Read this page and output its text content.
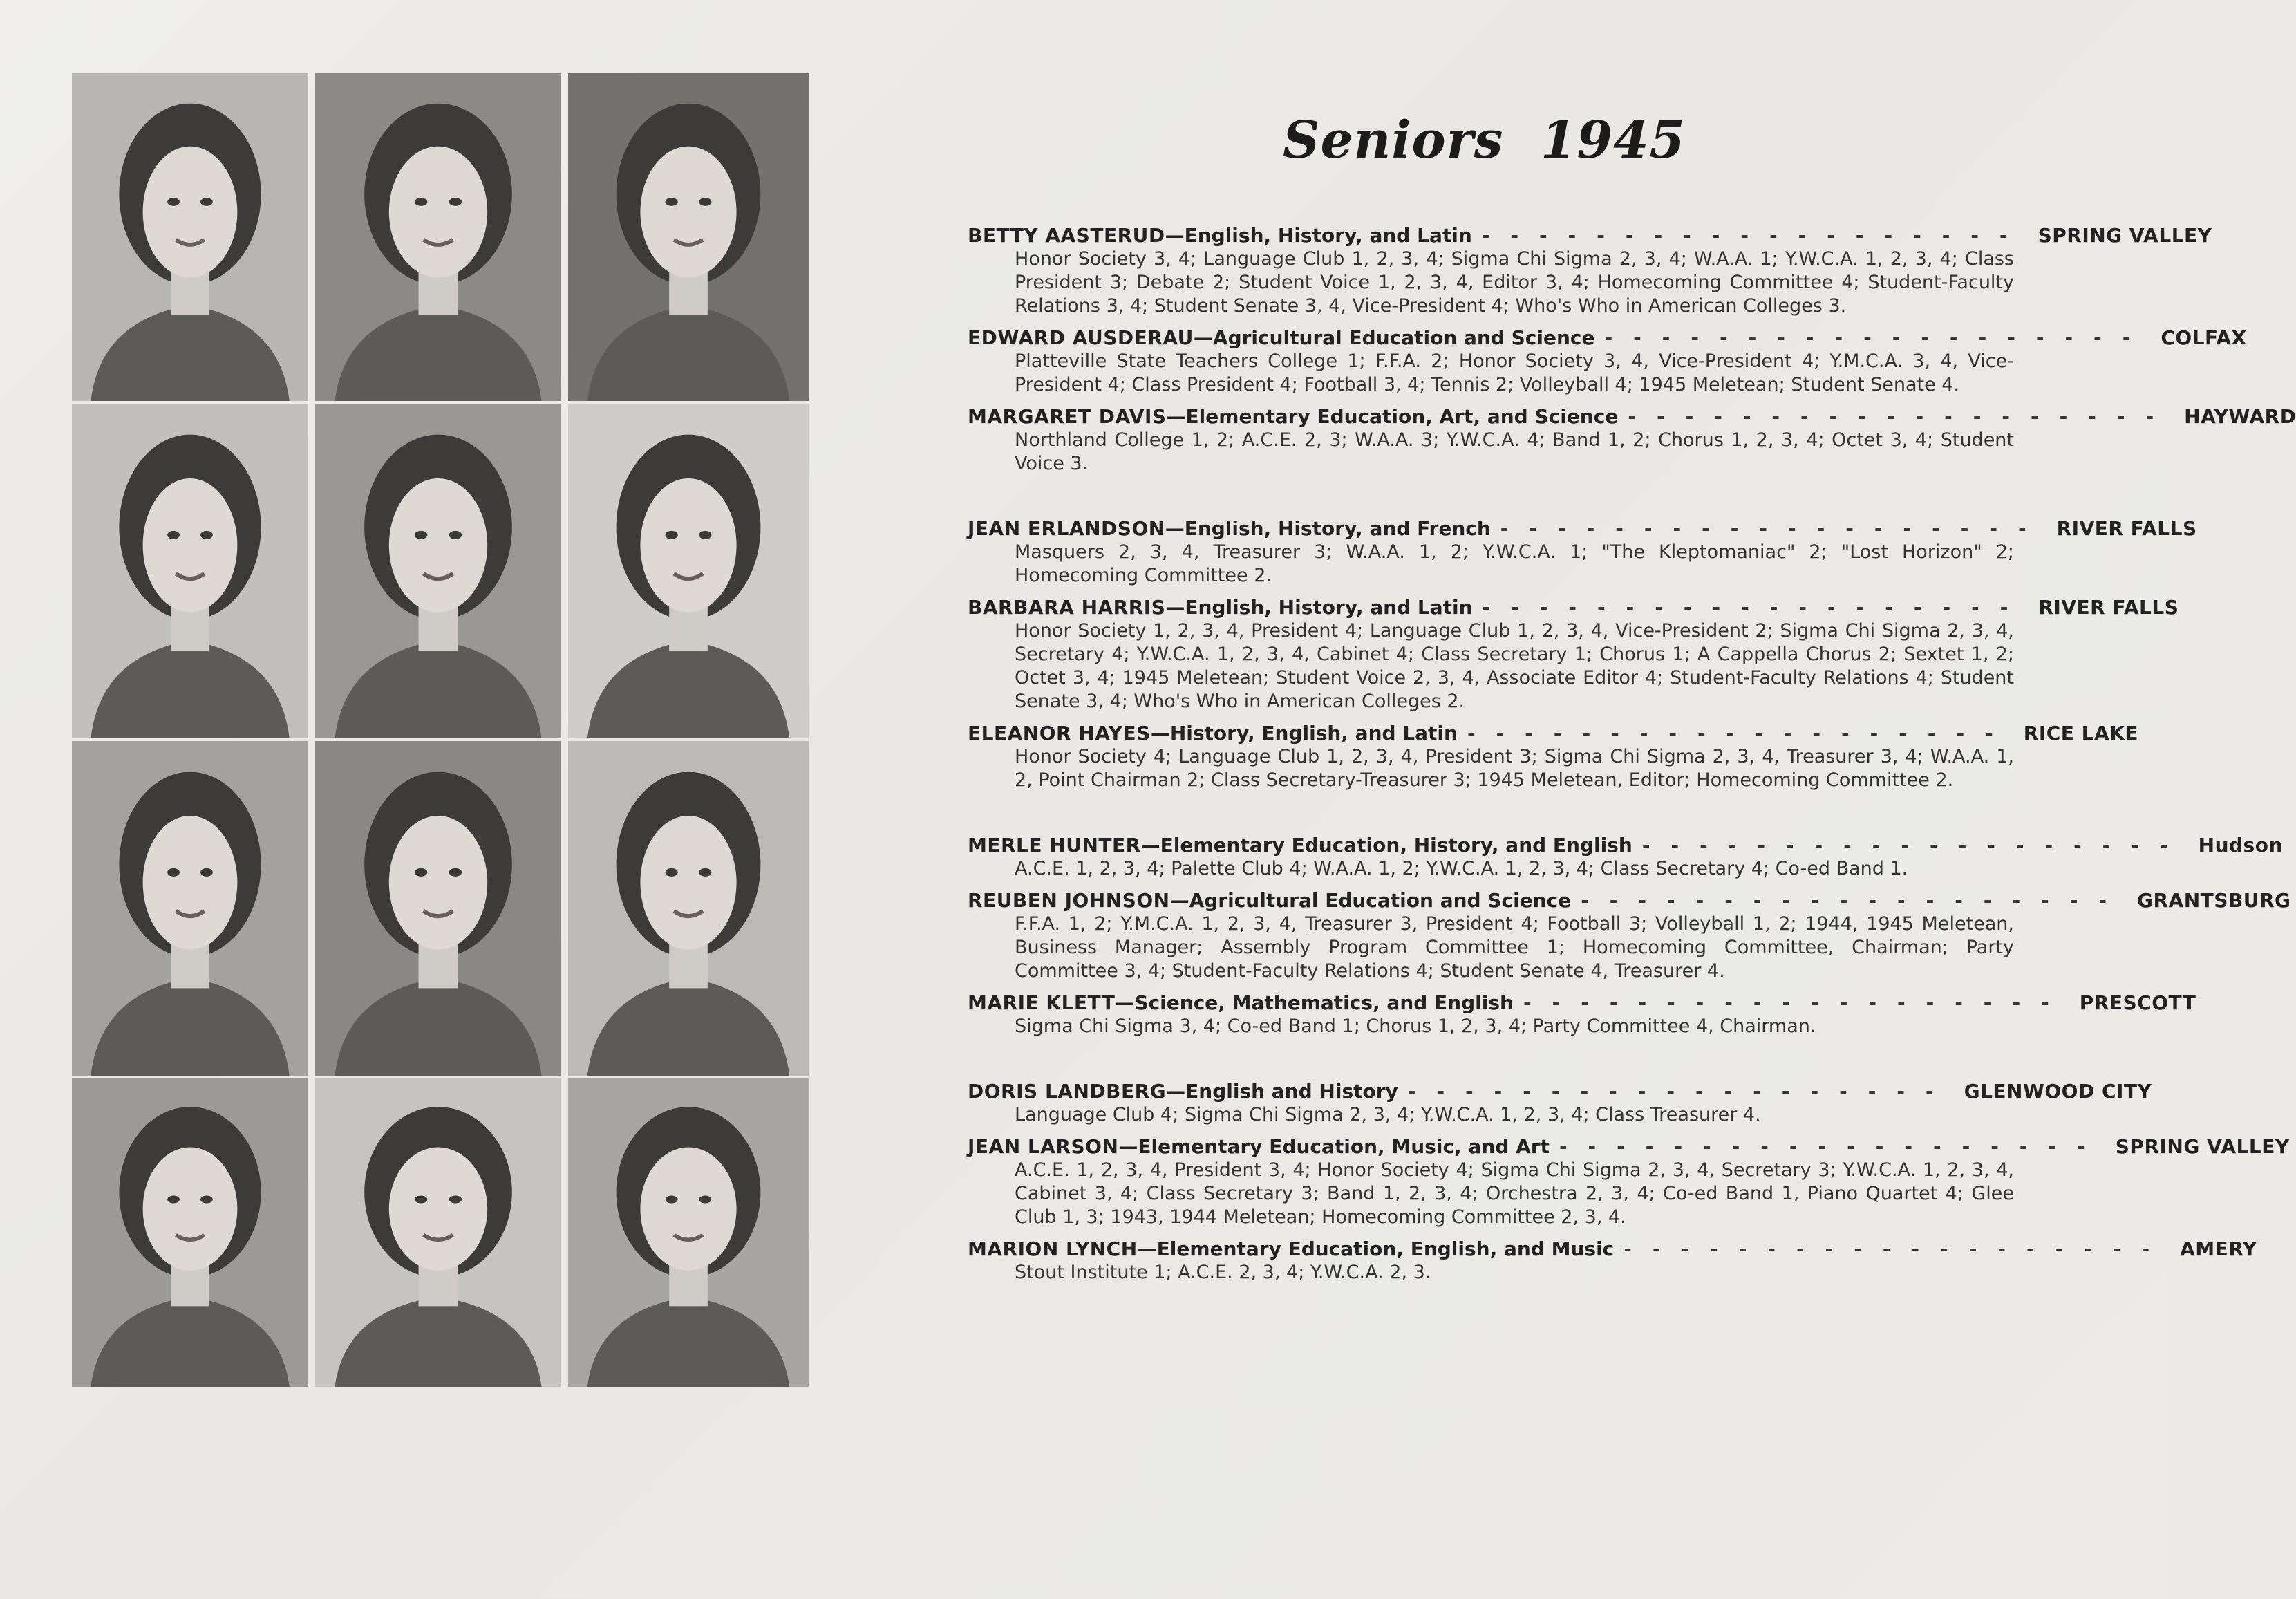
Seniors  1945
BETTY AASTERUD —English, History, and Latin ------------------- SPRING VALLEY
Honor Society 3, 4; Language Club 1, 2, 3, 4; Sigma Chi Sigma 2, 3, 4; W.A.A. 1; Y.W.C.A. 1, 2, 3, 4; Class President 3; Debate 2; Student Voice 1, 2, 3, 4, Editor 3, 4; Homecoming Committee 4; Student-Faculty Relations 3, 4; Student Senate 3, 4, Vice-President 4; Who's Who in American Colleges 3.
EDWARD AUSDERAU —Agricultural Education and Science ------------------- COLFAX
Platteville State Teachers College 1; F.F.A. 2; Honor Society 3, 4, Vice-President 4; Y.M.C.A. 3, 4, Vice-President 4; Class President 4; Football 3, 4; Tennis 2; Volleyball 4; 1945 Meletean; Student Senate 4.
MARGARET DAVIS —Elementary Education, Art, and Science ------------------- HAYWARD
Northland College 1, 2; A.C.E. 2, 3; W.A.A. 3; Y.W.C.A. 4; Band 1, 2; Chorus 1, 2, 3, 4; Octet 3, 4; Student Voice 3.
JEAN ERLANDSON —English, History, and French ------------------- RIVER FALLS
Masquers 2, 3, 4, Treasurer 3; W.A.A. 1, 2; Y.W.C.A. 1; "The Kleptomaniac" 2; "Lost Horizon" 2; Homecoming Committee 2.
BARBARA HARRIS —English, History, and Latin ------------------- RIVER FALLS
Honor Society 1, 2, 3, 4, President 4; Language Club 1, 2, 3, 4, Vice-President 2; Sigma Chi Sigma 2, 3, 4, Secretary 4; Y.W.C.A. 1, 2, 3, 4, Cabinet 4; Class Secretary 1; Chorus 1; A Cappella Chorus 2; Sextet 1, 2; Octet 3, 4; 1945 Meletean; Student Voice 2, 3, 4, Associate Editor 4; Student-Faculty Relations 4; Student Senate 3, 4; Who's Who in American Colleges 2.
ELEANOR HAYES —History, English, and Latin ------------------- RICE LAKE
Honor Society 4; Language Club 1, 2, 3, 4, President 3; Sigma Chi Sigma 2, 3, 4, Treasurer 3, 4; W.A.A. 1, 2, Point Chairman 2; Class Secretary-Treasurer 3; 1945 Meletean, Editor; Homecoming Committee 2.
MERLE HUNTER —Elementary Education, History, and English ------------------- Hudson
A.C.E. 1, 2, 3, 4; Palette Club 4; W.A.A. 1, 2; Y.W.C.A. 1, 2, 3, 4; Class Secretary 4; Co-ed Band 1.
REUBEN JOHNSON —Agricultural Education and Science ------------------- GRANTSBURG
F.F.A. 1, 2; Y.M.C.A. 1, 2, 3, 4, Treasurer 3, President 4; Football 3; Volleyball 1, 2; 1944, 1945 Meletean, Business Manager; Assembly Program Committee 1; Homecoming Committee, Chairman; Party Committee 3, 4; Student-Faculty Relations 4; Student Senate 4, Treasurer 4.
MARIE KLETT —Science, Mathematics, and English ------------------- PRESCOTT
Sigma Chi Sigma 3, 4; Co-ed Band 1; Chorus 1, 2, 3, 4; Party Committee 4, Chairman.
DORIS LANDBERG —English and History ------------------- GLENWOOD CITY
Language Club 4; Sigma Chi Sigma 2, 3, 4; Y.W.C.A. 1, 2, 3, 4; Class Treasurer 4.
JEAN LARSON —Elementary Education, Music, and Art ------------------- SPRING VALLEY
A.C.E. 1, 2, 3, 4, President 3, 4; Honor Society 4; Sigma Chi Sigma 2, 3, 4, Secretary 3; Y.W.C.A. 1, 2, 3, 4, Cabinet 3, 4; Class Secretary 3; Band 1, 2, 3, 4; Orchestra 2, 3, 4; Co-ed Band 1, Piano Quartet 4; Glee Club 1, 3; 1943, 1944 Meletean; Homecoming Committee 2, 3, 4.
MARION LYNCH —Elementary Education, English, and Music ------------------- AMERY
Stout Institute 1; A.C.E. 2, 3, 4; Y.W.C.A. 2, 3.
